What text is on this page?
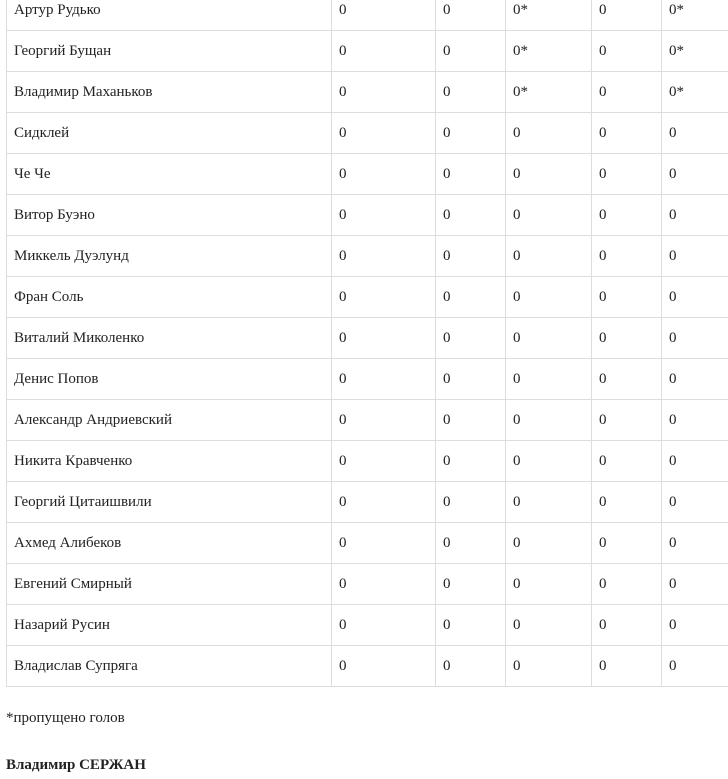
Артур Рудько	0	0	0*	0	0*
Георгий Бущан	0	0	0*	0	0*
Владимир Маханьков	0	0	0*	0	0*
Сидклей	0	0	0	0	0
Че Че	0	0	0	0	0
Витор Буэно	0	0	0	0	0
Миккель Дуэлунд	0	0	0	0	0
Фран Соль	0	0	0	0	0
Виталий Миколенко	0	0	0	0	0
Денис Попов	0	0	0	0	0
Александр Андриевский	0	0	0	0	0
Никита Кравченко	0	0	0	0	0
Георгий Цитаишвили	0	0	0	0	0
Ахмед Алибеков	0	0	0	0	0
Евгений Смирный	0	0	0	0	0
Назарий Русин	0	0	0	0	0
Владислав Супряга	0	0	0	0	0
*пропущено голов
Владимир СЕРЖАН
